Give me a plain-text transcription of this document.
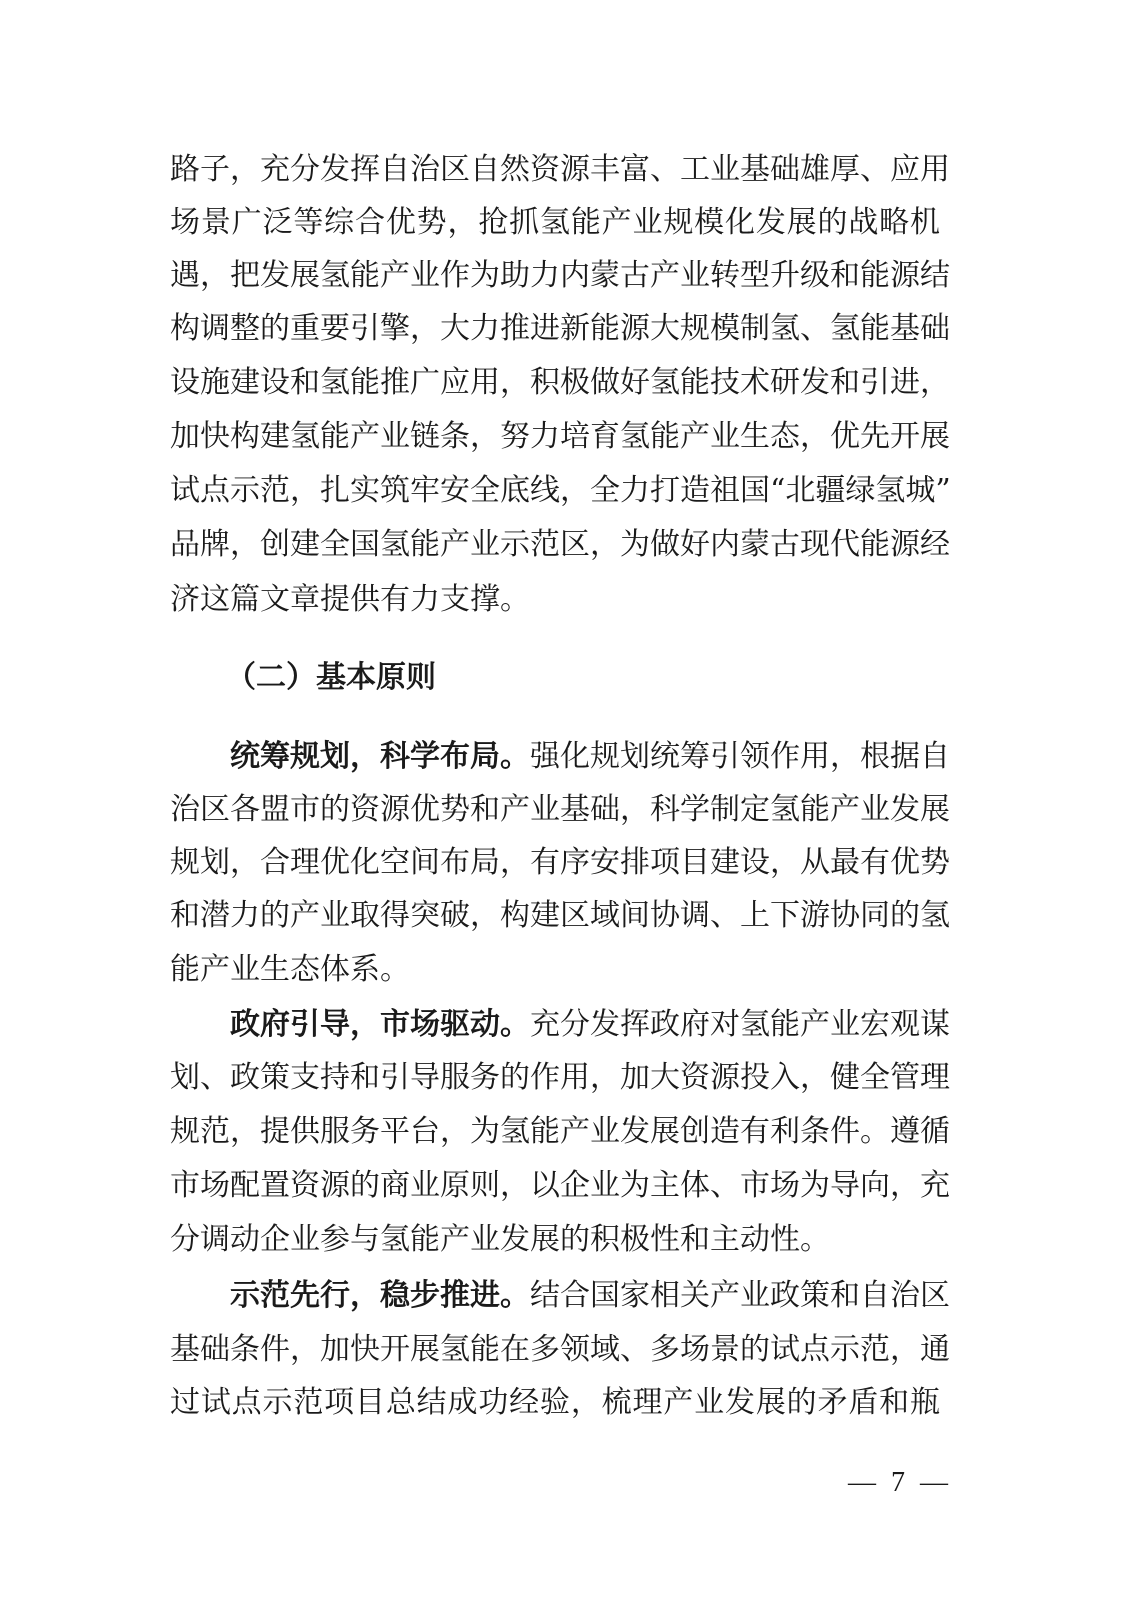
路子，充分发挥自治区自然资源丰富、工业基础雄厚、应用
场景广泛等综合优势，抢抓氢能产业规模化发展的战略机
遇，把发展氢能产业作为助力内蒙古产业转型升级和能源结
构调整的重要引擎，大力推进新能源大规模制氢、氢能基础
设施建设和氢能推广应用，积极做好氢能技术研发和引进，
加快构建氢能产业链条，努力培育氢能产业生态，优先开展
试点示范，扎实筑牢安全底线，全力打造祖国“北疆绿氢城”
品牌，创建全国氢能产业示范区，为做好内蒙古现代能源经
济这篇文章提供有力支撑。
（二）基本原则
统筹规划，科学布局。强化规划统筹引领作用，根据自
治区各盟市的资源优势和产业基础，科学制定氢能产业发展
规划，合理优化空间布局，有序安排项目建设，从最有优势
和潜力的产业取得突破，构建区域间协调、上下游协同的氢
能产业生态体系。
政府引导，市场驱动。充分发挥政府对氢能产业宏观谋
划、政策支持和引导服务的作用，加大资源投入，健全管理
规范，提供服务平台，为氢能产业发展创造有利条件。遵循
市场配置资源的商业原则，以企业为主体、市场为导向，充
分调动企业参与氢能产业发展的积极性和主动性。
示范先行，稳步推进。结合国家相关产业政策和自治区
基础条件，加快开展氢能在多领域、多场景的试点示范，通
过试点示范项目总结成功经验，梳理产业发展的矛盾和瓶
— 7 —
